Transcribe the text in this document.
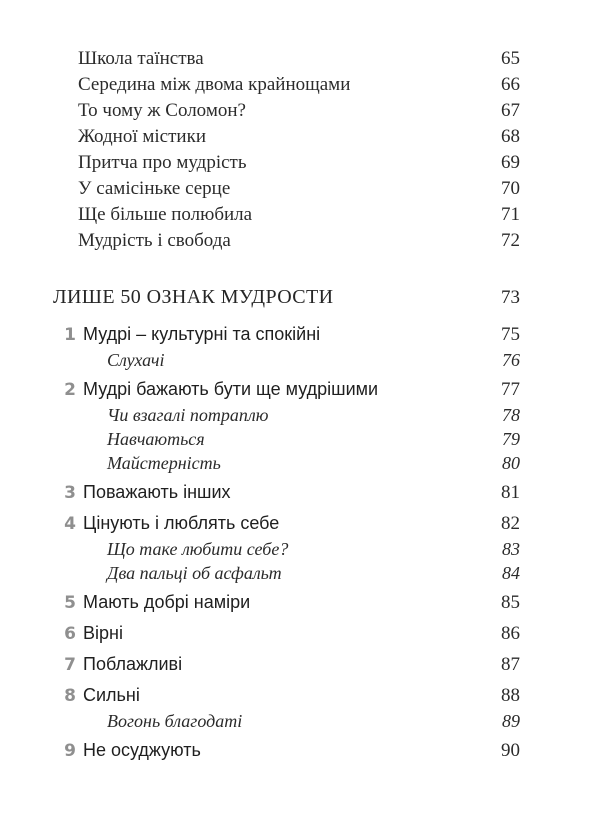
Школа таїнства	65
Середина між двома крайнощами	66
То чому ж Соломон?	67
Жодної містики	68
Притча про мудрість	69
У самісіньке серце	70
Ще більше полюбила	71
Мудрість і свобода	72
ЛИШЕ 50 ОЗНАК МУДРОСТИ	73
1 Мудрі – культурні та спокійні	75
Слухачі	76
2 Мудрі бажають бути ще мудрішими	77
Чи взагалі потраплю	78
Навчаються	79
Майстерність	80
3 Поважають інших	81
4 Цінують і люблять себе	82
Що таке любити себе?	83
Два пальці об асфальт	84
5 Мають добрі наміри	85
6 Вірні	86
7 Поблажливі	87
8 Сильні	88
Вогонь благодаті	89
9 Не осуджують	90
